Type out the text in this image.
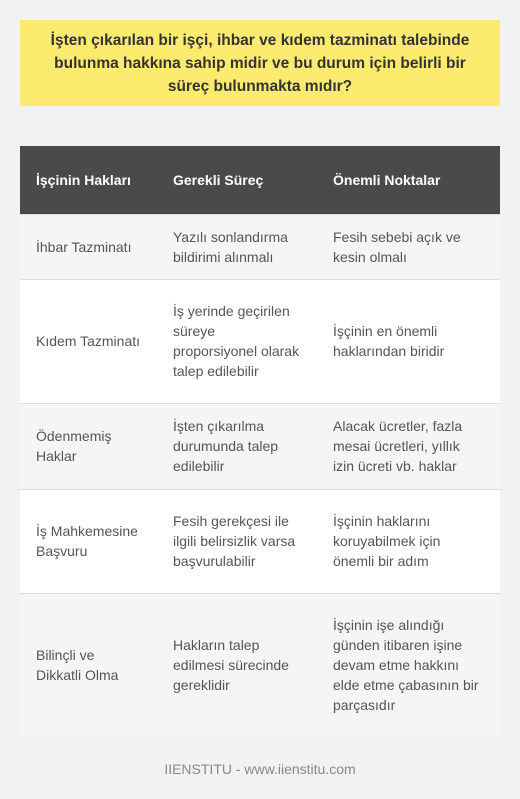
İşten çıkarılan bir işçi, ihbar ve kıdem tazminatı talebinde bulunma hakkına sahip midir ve bu durum için belirli bir süreç bulunmakta mıdır?
İşçinin Hakları	Gerekli Süreç	Önemli Noktalar
İhbar Tazminatı	Yazılı sonlandırma bildirimi alınmalı	Fesih sebebi açık ve kesin olmalı
Kıdem Tazminatı	İş yerinde geçirilen süreye proporsiyonel olarak talep edilebilir	İşçinin en önemli haklarından biridir
Ödenmemiş Haklar	İşten çıkarılma durumunda talep edilebilir	Alacak ücretler, fazla mesai ücretleri, yıllık izin ücreti vb. haklar
İş Mahkemesine Başvuru	Fesih gerekçesi ile ilgili belirsizlik varsa başvurulabilir	İşçinin haklarını koruyabilmek için önemli bir adım
Bilinçli ve Dikkatli Olma	Hakların talep edilmesi sürecinde gereklidir	İşçinin işe alındığı günden itibaren işine devam etme hakkını elde etme çabasının bir parçasıdır
IIENSTITU - www.iienstitu.com
